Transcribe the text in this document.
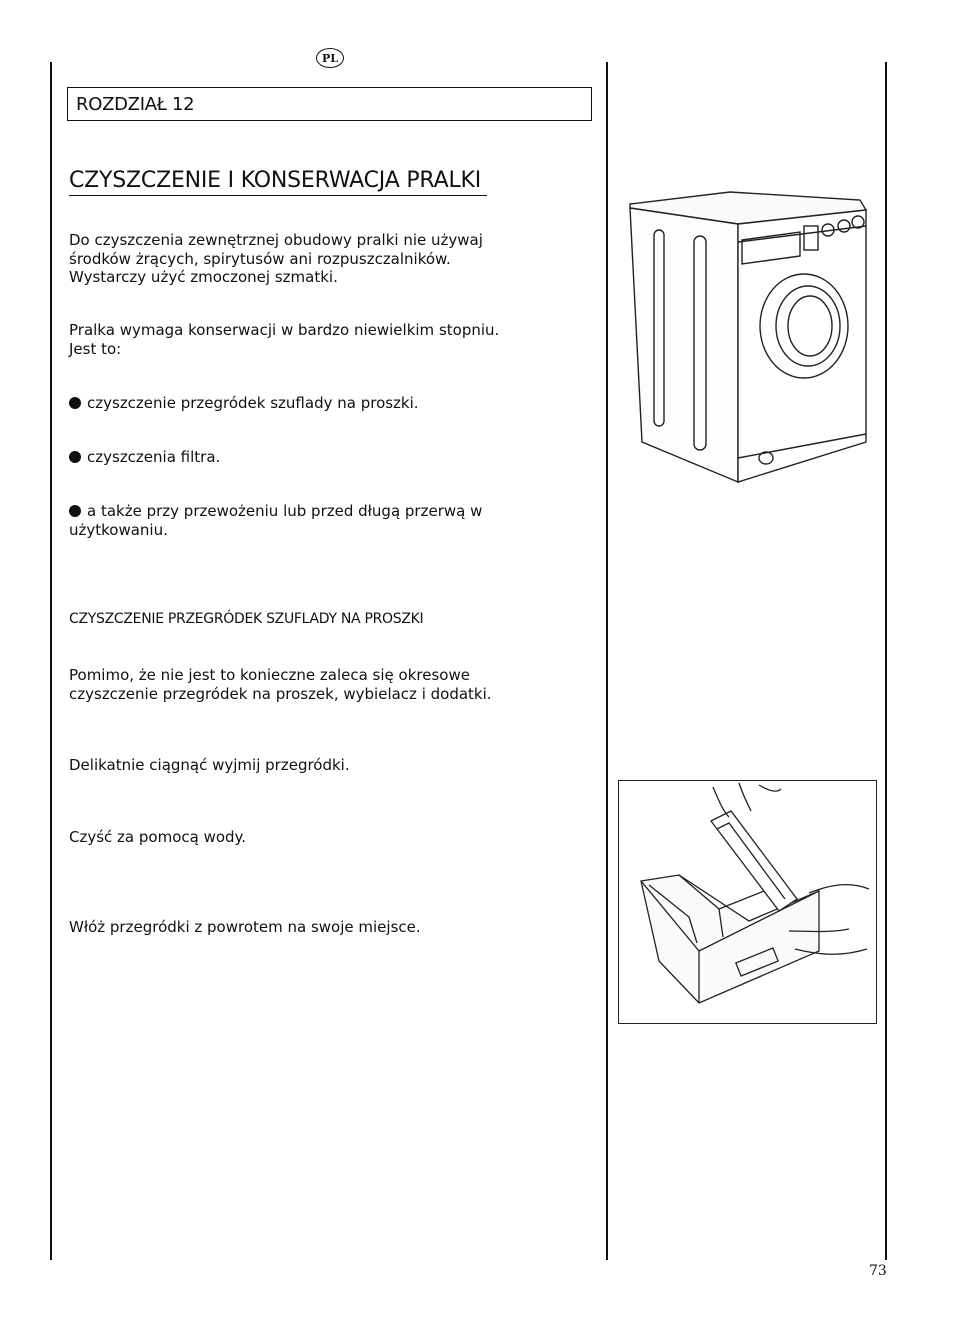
PL
ROZDZIAŁ 12
CZYSZCZENIE I KONSERWACJA PRALKI
Do czyszczenia zewnętrznej obudowy pralki nie używaj
środków żrących, spirytusów ani rozpuszczalników.
Wystarczy użyć zmoczonej szmatki.
Pralka wymaga konserwacji w bardzo niewielkim stopniu.
Jest to:
czyszczenie przegródek szuflady na proszki.
czyszczenia filtra.
a także przy przewożeniu lub przed długą przerwą w
użytkowaniu.
CZYSZCZENIE PRZEGRÓDEK SZUFLADY NA PROSZKI
Pomimo, że nie jest to konieczne zaleca się okresowe
czyszczenie przegródek na proszek, wybielacz i dodatki.
Delikatnie ciągnąć wyjmij przegródki.
Czyść za pomocą wody.
Włóż przegródki z powrotem na swoje miejsce.
73
